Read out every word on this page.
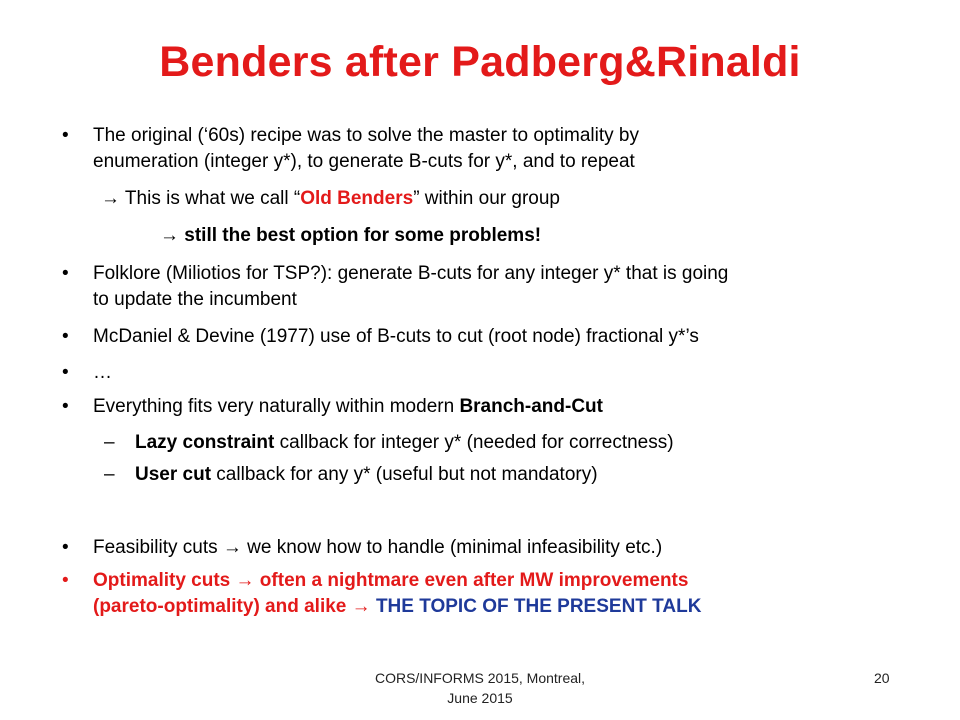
Benders after Padberg&Rinaldi
• The original (‘60s) recipe was to solve the master to optimality by
enumeration (integer y*), to generate B-cuts for y*, and to repeat
→ This is what we call “Old Benders” within our group
→ still the best option for some problems!
• Folklore (Miliotios for TSP?): generate B-cuts for any integer y* that is going
to update the incumbent
• McDaniel & Devine (1977) use of B-cuts to cut (root node) fractional y*’s
• …
• Everything fits very naturally within modern Branch-and-Cut
– Lazy constraint callback for integer y* (needed for correctness)
– User cut callback for any y* (useful but not mandatory)
• Feasibility cuts → we know how to handle (minimal infeasibility etc.)
• Optimality cuts → often a nightmare even after MW improvements
(pareto-optimality) and alike → THE TOPIC OF THE PRESENT TALK
CORS/INFORMS 2015, Montreal,
June 2015
20
